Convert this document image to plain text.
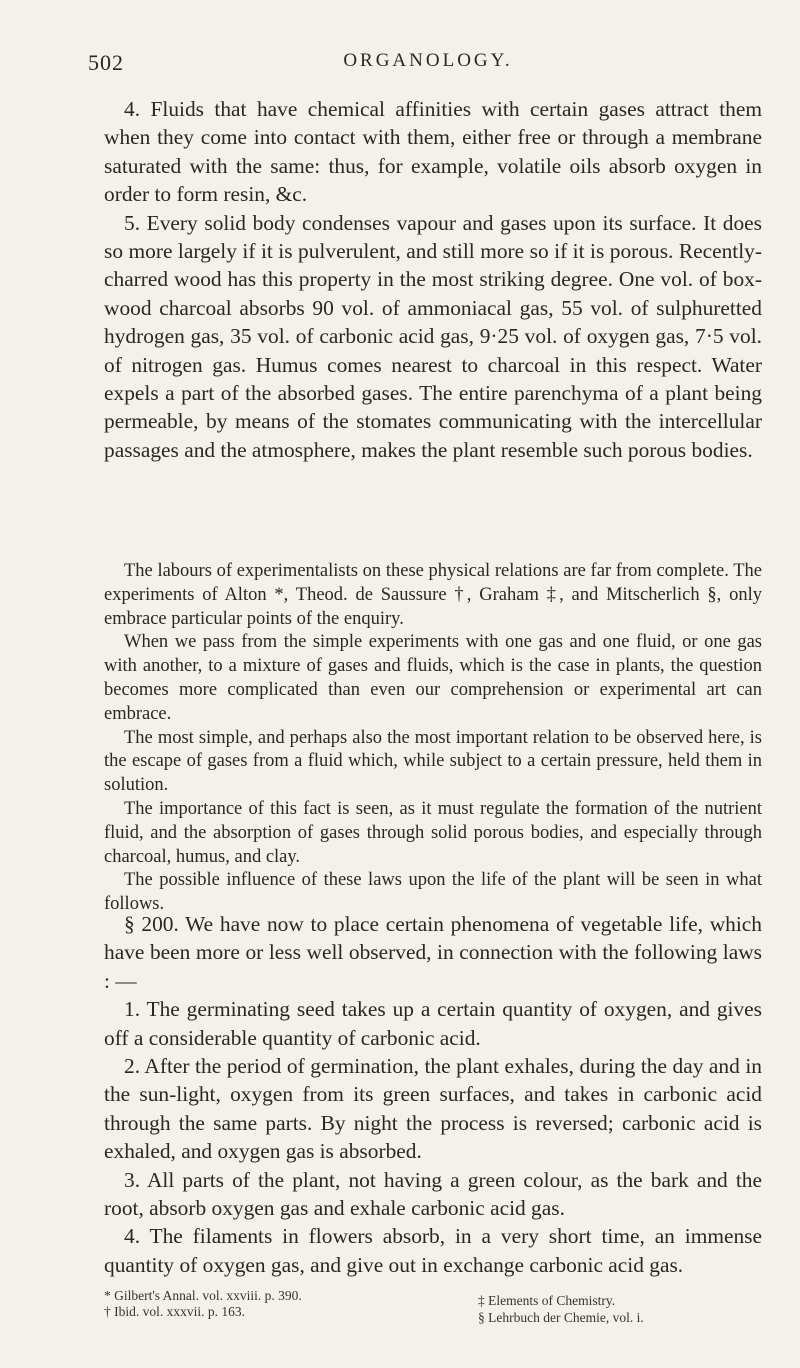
502	ORGANOLOGY.

4. Fluids that have chemical affinities with certain gases attract them when they come into contact with them, either free or through a membrane saturated with the same: thus, for example, volatile oils absorb oxygen in order to form resin, &c.

5. Every solid body condenses vapour and gases upon its surface. It does so more largely if it is pulverulent, and still more so if it is porous. Recently-charred wood has this property in the most striking degree. One vol. of box-wood charcoal absorbs 90 vol. of ammoniacal gas, 55 vol. of sulphuretted hydrogen gas, 35 vol. of carbonic acid gas, 9·25 vol. of oxygen gas, 7·5 vol. of nitrogen gas. Humus comes nearest to charcoal in this respect. Water expels a part of the absorbed gases. The entire parenchyma of a plant being permeable, by means of the stomates communicating with the intercellular passages and the atmosphere, makes the plant resemble such porous bodies.

The labours of experimentalists on these physical relations are far from complete. The experiments of Alton *, Theod. de Saussure †, Graham ‡, and Mitscherlich §, only embrace particular points of the enquiry.

When we pass from the simple experiments with one gas and one fluid, or one gas with another, to a mixture of gases and fluids, which is the case in plants, the question becomes more complicated than even our comprehension or experimental art can embrace.

The most simple, and perhaps also the most important relation to be observed here, is the escape of gases from a fluid which, while subject to a certain pressure, held them in solution.

The importance of this fact is seen, as it must regulate the formation of the nutrient fluid, and the absorption of gases through solid porous bodies, and especially through charcoal, humus, and clay.

The possible influence of these laws upon the life of the plant will be seen in what follows.

§ 200. We have now to place certain phenomena of vegetable life, which have been more or less well observed, in connection with the following laws : —

1. The germinating seed takes up a certain quantity of oxygen, and gives off a considerable quantity of carbonic acid.

2. After the period of germination, the plant exhales, during the day and in the sun-light, oxygen from its green surfaces, and takes in carbonic acid through the same parts. By night the process is reversed; carbonic acid is exhaled, and oxygen gas is absorbed.

3. All parts of the plant, not having a green colour, as the bark and the root, absorb oxygen gas and exhale carbonic acid gas.

4. The filaments in flowers absorb, in a very short time, an immense quantity of oxygen gas, and give out in exchange carbonic acid gas.

* Gilbert's Annal. vol. xxviii. p. 390.
† Ibid. vol. xxxvii. p. 163.
‡ Elements of Chemistry.
§ Lehrbuch der Chemie, vol. i.
